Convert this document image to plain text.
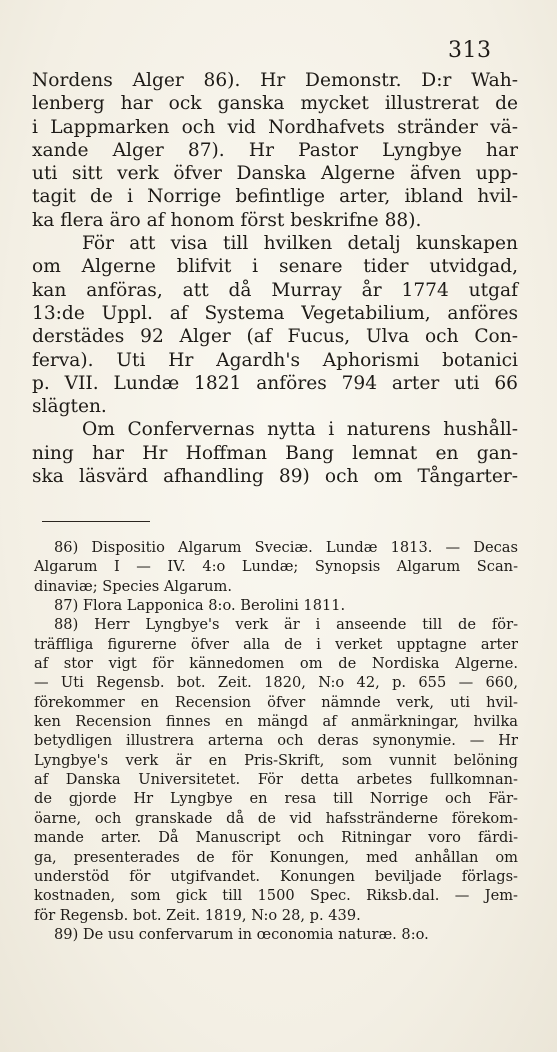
313
Nordens Alger 86). Hr Demonstr. D:r Wah-
lenberg har ock ganska mycket illustrerat de
i Lappmarken och vid Nordhafvets stränder vä-
xande Alger 87). Hr Pastor Lyngbye har
uti sitt verk öfver Danska Algerne äfven upp-
tagit de i Norrige befintlige arter, ibland hvil-
ka flera äro af honom först beskrifne 88).
För att visa till hvilken detalj kunskapen
om Algerne blifvit i senare tider utvidgad,
kan anföras, att då Murray år 1774 utgaf
13:de Uppl. af Systema Vegetabilium, anföres
derstädes 92 Alger (af Fucus, Ulva och Con-
ferva). Uti Hr Agardh's Aphorismi botanici
p. VII. Lundæ 1821 anföres 794 arter uti 66
slägten.
Om Confervernas nytta i naturens hushåll-
ning har Hr Hoffman Bang lemnat en gan-
ska läsvärd afhandling 89) och om Tångarter-
86) Dispositio Algarum Sveciæ. Lundæ 1813. — Decas
Algarum I — IV. 4:o Lundæ; Synopsis Algarum Scan-
dinaviæ; Species Algarum.
87) Flora Lapponica 8:o. Berolini 1811.
88) Herr Lyngbye's verk är i anseende till de för-
träffliga figurerne öfver alla de i verket upptagne arter
af stor vigt för kännedomen om de Nordiska Algerne.
— Uti Regensb. bot. Zeit. 1820, N:o 42, p. 655 — 660,
förekommer en Recension öfver nämnde verk, uti hvil-
ken Recension finnes en mängd af anmärkningar, hvilka
betydligen illustrera arterna och deras synonymie. — Hr
Lyngbye's verk är en Pris-Skrift, som vunnit belöning
af Danska Universitetet. För detta arbetes fullkomnan-
de gjorde Hr Lyngbye en resa till Norrige och Fär-
öarne, och granskade då de vid hafsstränderne förekom-
mande arter. Då Manuscript och Ritningar voro färdi-
ga, presenterades de för Konungen, med anhållan om
understöd för utgifvandet. Konungen beviljade förlags-
kostnaden, som gick till 1500 Spec. Riksb.dal. — Jem-
för Regensb. bot. Zeit. 1819, N:o 28, p. 439.
89) De usu confervarum in œconomia naturæ. 8:o.
